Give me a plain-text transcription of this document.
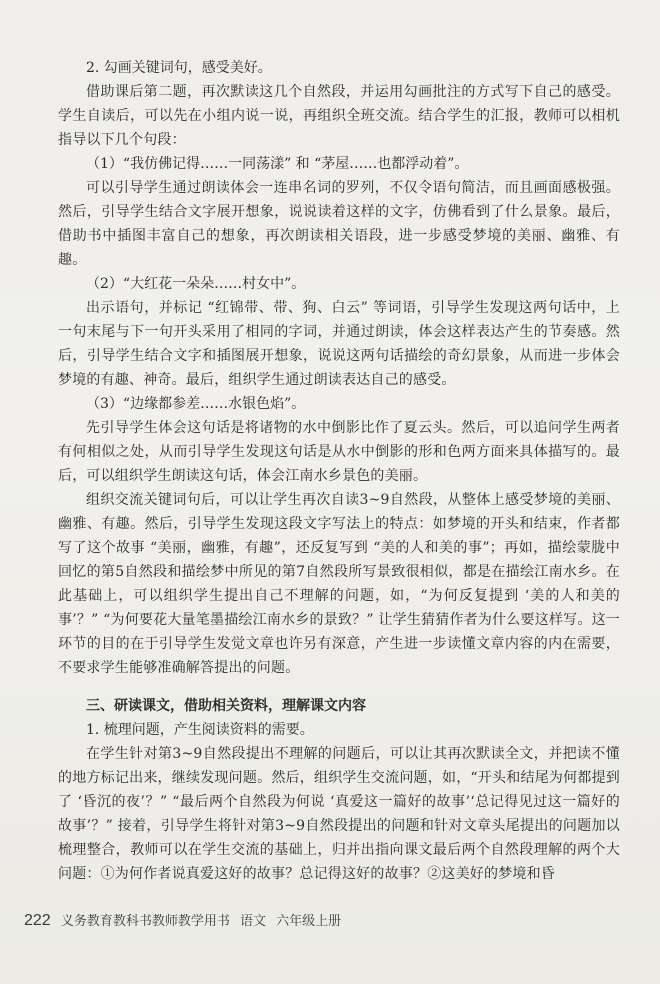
2. 勾画关键词句，感受美好。

借助课后第二题，再次默读这几个自然段，并运用勾画批注的方式写下自己的感受。学生自读后，可以先在小组内说一说，再组织全班交流。结合学生的汇报，教师可以相机指导以下几个句段：

（1）“我仿佛记得……一同荡漾” 和 “茅屋……也都浮动着”。

可以引导学生通过朗读体会一连串名词的罗列，不仅令语句简洁，而且画面感极强。然后，引导学生结合文字展开想象，说说读着这样的文字，仿佛看到了什么景象。最后，借助书中插图丰富自己的想象，再次朗读相关语段，进一步感受梦境的美丽、幽雅、有趣。

（2）“大红花一朵朵……村女中”。

出示语句，并标记 “红锦带、带、狗、白云” 等词语，引导学生发现这两句话中，上一句末尾与下一句开头采用了相同的字词，并通过朗读，体会这样表达产生的节奏感。然后，引导学生结合文字和插图展开想象，说说这两句话描绘的奇幻景象，从而进一步体会梦境的有趣、神奇。最后，组织学生通过朗读表达自己的感受。

（3）“边缘都参差……水银色焰”。

先引导学生体会这句话是将诸物的水中倒影比作了夏云头。然后，可以追问学生两者有何相似之处，从而引导学生发现这句话是从水中倒影的形和色两方面来具体描写的。最后，可以组织学生朗读这句话，体会江南水乡景色的美丽。

组织交流关键词句后，可以让学生再次自读3~9自然段，从整体上感受梦境的美丽、幽雅、有趣。然后，引导学生发现这段文字写法上的特点：如梦境的开头和结束，作者都写了这个故事 “美丽，幽雅，有趣”，还反复写到 “美的人和美的事”；再如，描绘蒙胧中回忆的第5自然段和描绘梦中所见的第7自然段所写景致很相似，都是在描绘江南水乡。在此基础上，可以组织学生提出自己不理解的问题，如，“为何反复提到 ‘美的人和美的事’？” “为何要花大量笔墨描绘江南水乡的景致？” 让学生猜猜作者为什么要这样写。这一环节的目的在于引导学生发觉文章也许另有深意，产生进一步读懂文章内容的内在需要，不要求学生能够准确解答提出的问题。

三、研读课文，借助相关资料，理解课文内容

1. 梳理问题，产生阅读资料的需要。

在学生针对第3~9自然段提出不理解的问题后，可以让其再次默读全文，并把读不懂的地方标记出来，继续发现问题。然后，组织学生交流问题，如，“开头和结尾为何都提到了 ‘昏沉的夜’？” “最后两个自然段为何说 ‘真爱这一篇好的故事’‘总记得见过这一篇好的故事’？” 接着，引导学生将针对第3~9自然段提出的问题和针对文章头尾提出的问题加以梳理整合，教师可以在学生交流的基础上，归并出指向课文最后两个自然段理解的两个大问题：①为何作者说真爱这好的故事？总记得这好的故事？②这美好的梦境和昏

222 义务教育教科书教师教学用书 语文 六年级上册
